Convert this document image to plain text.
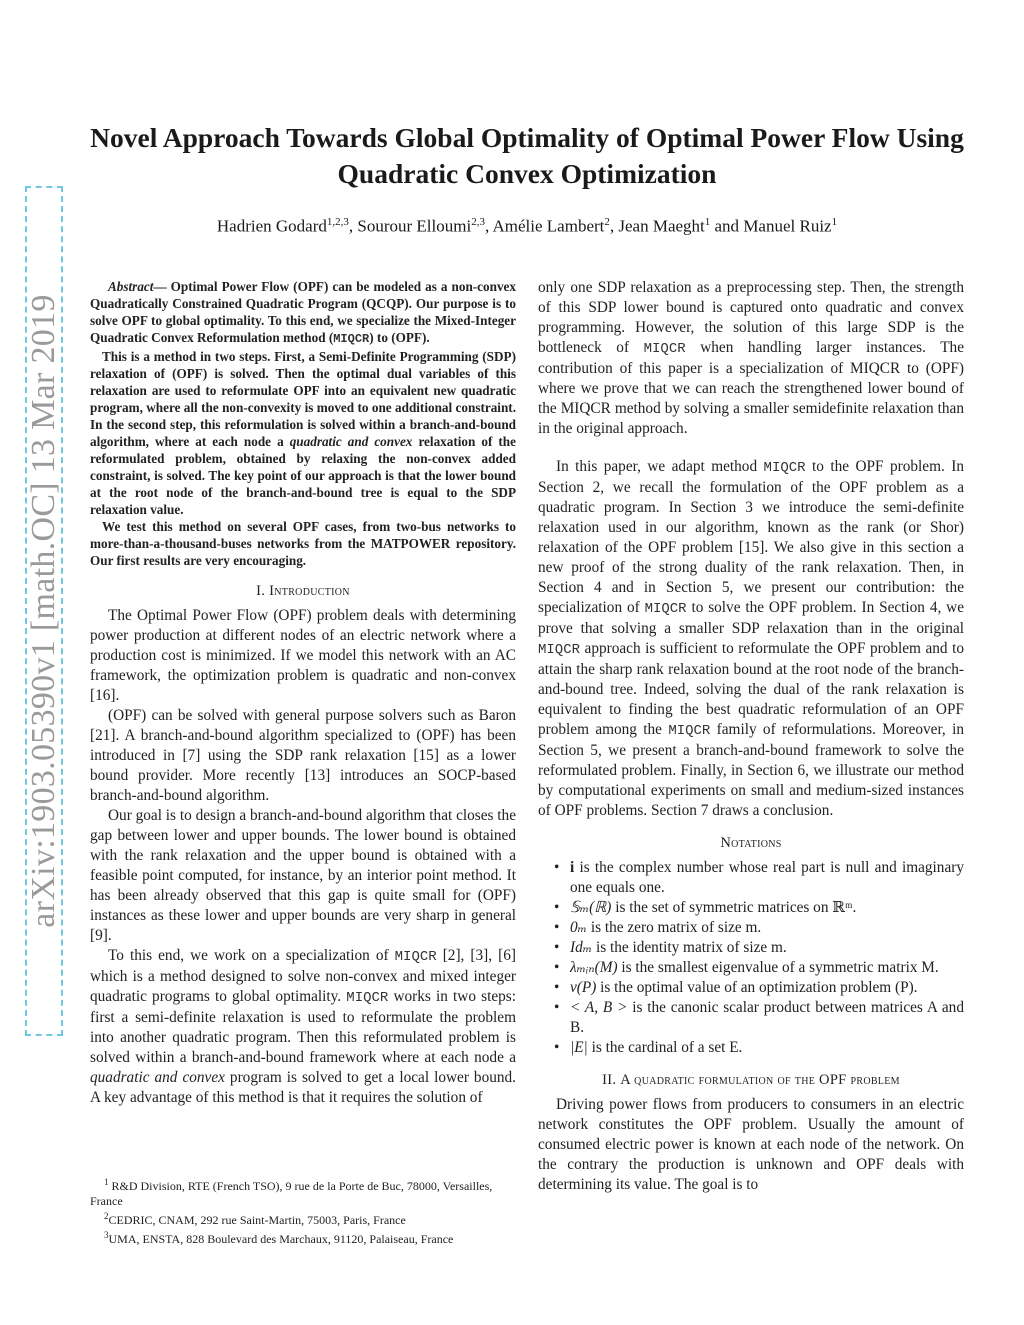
arXiv:1903.05390v1 [math.OC] 13 Mar 2019
Novel Approach Towards Global Optimality of Optimal Power Flow Using Quadratic Convex Optimization
Hadrien Godard$^{1,2,3}$, Sourour Elloumi$^{2,3}$, Amélie Lambert$^2$, Jean Maeght$^1$ and Manuel Ruiz$^1$

Abstract— Optimal Power Flow (OPF) can be modeled as a non-convex Quadratically Constrained Quadratic Program (QCQP). Our purpose is to solve OPF to global optimality. To this end, we specialize the Mixed-Integer Quadratic Convex Reformulation method (MIQCR) to (OPF).

This is a method in two steps. First, a Semi-Definite Programming (SDP) relaxation of (OPF) is solved. Then the optimal dual variables of this relaxation are used to reformulate OPF into an equivalent new quadratic program, where all the non-convexity is moved to one additional constraint. In the second step, this reformulation is solved within a branch-and-bound algorithm, where at each node a quadratic and convex relaxation of the reformulated problem, obtained by relaxing the non-convex added constraint, is solved. The key point of our approach is that the lower bound at the root node of the branch-and-bound tree is equal to the SDP relaxation value.

We test this method on several OPF cases, from two-bus networks to more-than-a-thousand-buses networks from the MATPOWER repository. Our first results are very encouraging.

I. Introduction

The Optimal Power Flow (OPF) problem deals with determining power production at different nodes of an electric network where a production cost is minimized. If we model this network with an AC framework, the optimization problem is quadratic and non-convex [16].

(OPF) can be solved with general purpose solvers such as Baron [21]. A branch-and-bound algorithm specialized to (OPF) has been introduced in [7] using the SDP rank relaxation [15] as a lower bound provider. More recently [13] introduces an SOCP-based branch-and-bound algorithm.

Our goal is to design a branch-and-bound algorithm that closes the gap between lower and upper bounds. The lower bound is obtained with the rank relaxation and the upper bound is obtained with a feasible point computed, for instance, by an interior point method. It has been already observed that this gap is quite small for (OPF) instances as these lower and upper bounds are very sharp in general [9].

To this end, we work on a specialization of MIQCR [2], [3], [6] which is a method designed to solve non-convex and mixed integer quadratic programs to global optimality. MIQCR works in two steps: first a semi-definite relaxation is used to reformulate the problem into another quadratic program. Then this reformulated problem is solved within a branch-and-bound framework where at each node a quadratic and convex program is solved to get a local lower bound. A key advantage of this method is that it requires the solution of

$^1$ R&D Division, RTE (French TSO), 9 rue de la Porte de Buc, 78000, Versailles, France

$^2$CEDRIC, CNAM, 292 rue Saint-Martin, 75003, Paris, France

$^3$UMA, ENSTA, 828 Boulevard des Marchaux, 91120, Palaiseau, France

only one SDP relaxation as a preprocessing step. Then, the strength of this SDP lower bound is captured onto quadratic and convex programming. However, the solution of this large SDP is the bottleneck of MIQCR when handling larger instances. The contribution of this paper is a specialization of MIQCR to (OPF) where we prove that we can reach the strengthened lower bound of the MIQCR method by solving a smaller semidefinite relaxation than in the original approach.

In this paper, we adapt method MIQCR to the OPF problem. In Section 2, we recall the formulation of the OPF problem as a quadratic program. In Section 3 we introduce the semi-definite relaxation used in our algorithm, known as the rank (or Shor) relaxation of the OPF problem [15]. We also give in this section a new proof of the strong duality of the rank relaxation. Then, in Section 4 and in Section 5, we present our contribution: the specialization of MIQCR to solve the OPF problem. In Section 4, we prove that solving a smaller SDP relaxation than in the original MIQCR approach is sufficient to reformulate the OPF problem and to attain the sharp rank relaxation bound at the root node of the branch-and-bound tree. Indeed, solving the dual of the rank relaxation is equivalent to finding the best quadratic reformulation of an OPF problem among the MIQCR family of reformulations. Moreover, in Section 5, we present a branch-and-bound framework to solve the reformulated problem. Finally, in Section 6, we illustrate our method by computational experiments on small and medium-sized instances of OPF problems. Section 7 draws a conclusion.

Notations
• i is the complex number whose real part is null and imaginary one equals one.
• 𝕊ₘ(ℝ) is the set of symmetric matrices on ℝᵐ.
• 0ₘ is the zero matrix of size m.
• Idₘ is the identity matrix of size m.
• λₘᵢₙ(M) is the smallest eigenvalue of a symmetric matrix M.
• v(P) is the optimal value of an optimization problem (P).
• < A, B > is the canonic scalar product between matrices A and B.
• |E| is the cardinal of a set E.
II. A quadratic formulation of the OPF problem

Driving power flows from producers to consumers in an electric network constitutes the OPF problem. Usually the amount of consumed electric power is known at each node of the network. On the contrary the production is unknown and OPF deals with determining its value. The goal is to
